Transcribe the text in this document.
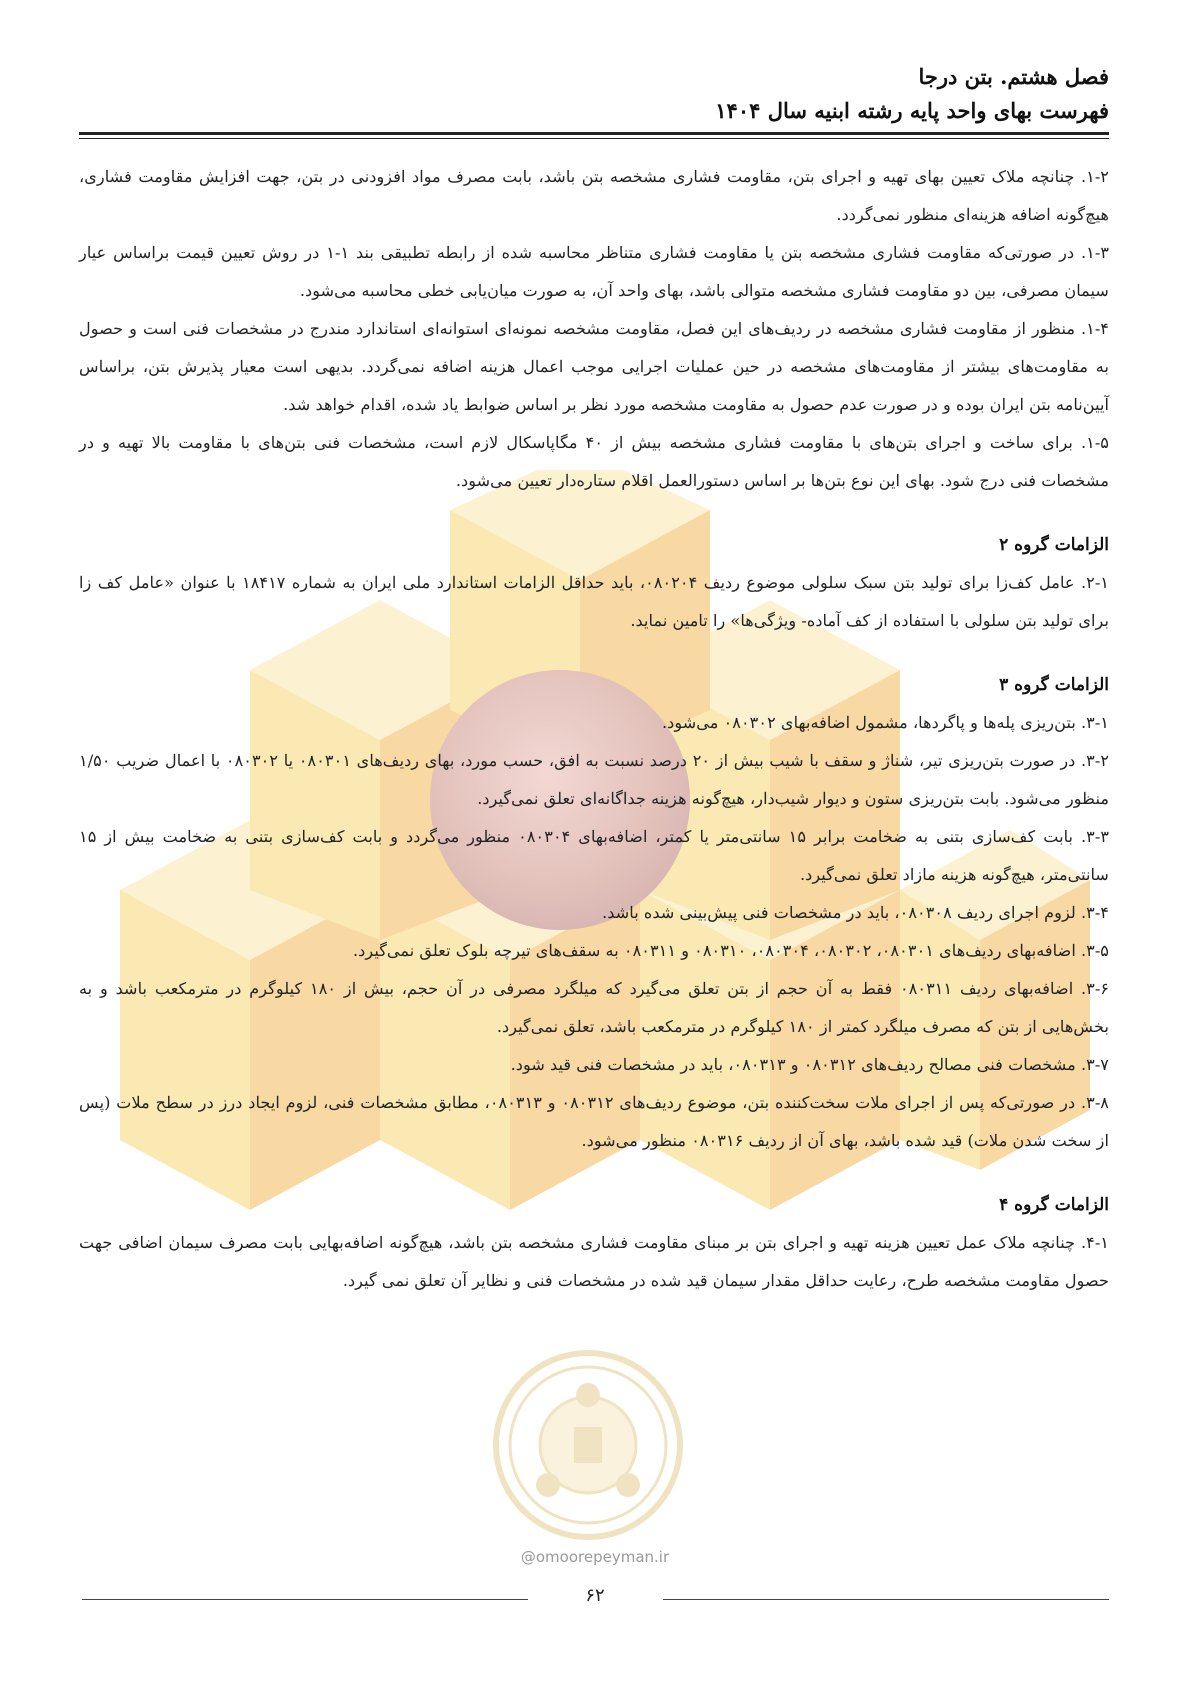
@omoorepeyman.ir
فصل هشتم. بتن درجا
فهرست بهای واحد پایه رشته ابنیه سال ۱۴۰۴

۱-۲. چنانچه ملاک تعیین بهای تهیه و اجرای بتن، مقاومت فشاری مشخصه بتن باشد، بابت مصرف مواد افزودنی در بتن، جهت افزایش مقاومت فشاری، هیچ‌گونه اضافه هزینه‌ای منظور نمی‌گردد.

۱-۳. در صورتی‌که مقاومت فشاری مشخصه بتن یا مقاومت فشاری متناظر محاسبه شده از رابطه تطبیقی بند ۱-۱ در روش تعیین قیمت براساس عیار سیمان مصرفی، بین دو مقاومت فشاری مشخصه متوالی باشد، بهای واحد آن، به صورت میان‌یابی خطی محاسبه می‌شود.

۱-۴. منظور از مقاومت فشاری مشخصه در ردیف‌های این فصل، مقاومت مشخصه نمونه‌ای استوانه‌ای استاندارد مندرج در مشخصات فنی است و حصول به مقاومت‌های بیشتر از مقاومت‌های مشخصه در حین عملیات اجرایی موجب اعمال هزینه اضافه نمی‌گردد. بدیهی است معیار پذیرش بتن، براساس آیین‌نامه بتن ایران بوده و در صورت عدم حصول به مقاومت مشخصه مورد نظر بر اساس ضوابط یاد شده، اقدام خواهد شد.

۱-۵. برای ساخت و اجرای بتن‌های با مقاومت فشاری مشخصه بیش از ۴۰ مگاپاسکال لازم است، مشخصات فنی بتن‌های با مقاومت بالا تهیه و در مشخصات فنی درج شود. بهای این نوع بتن‌ها بر اساس دستورالعمل اقلام ستاره‌دار تعیین می‌شود.

الزامات گروه ۲

۲-۱. عامل کف‌زا برای تولید بتن سبک سلولی موضوع ردیف ۰۸۰۲۰۴، باید حداقل الزامات استاندارد ملی ایران به شماره ۱۸۴۱۷ با عنوان «عامل کف زا برای تولید بتن سلولی با استفاده از کف آماده- ویژگی‌ها» را تامین نماید.

الزامات گروه ۳

۳-۱. بتن‌ریزی پله‌ها و پاگردها، مشمول اضافه‌بهای ۰۸۰۳۰۲ می‌شود.

۳-۲. در صورت بتن‌ریزی تیر، شناژ و سقف با شیب بیش از ۲۰ درصد نسبت به افق، حسب مورد، بهای ردیف‌های ۰۸۰۳۰۱ یا ۰۸۰۳۰۲ با اعمال ضریب ۱/۵۰ منظور می‌شود. بابت بتن‌ریزی ستون و دیوار شیب‌دار، هیچ‌گونه هزینه جداگانه‌ای تعلق نمی‌گیرد.

۳-۳. بابت کف‌سازی بتنی به ضخامت برابر ۱۵ سانتی‌متر یا کمتر، اضافه‌بهای ۰۸۰۳۰۴ منظور می‌گردد و بابت کف‌سازی بتنی به ضخامت بیش از ۱۵ سانتی‌متر، هیچ‌گونه هزینه مازاد تعلق نمی‌گیرد.

۳-۴. لزوم اجرای ردیف ۰۸۰۳۰۸، باید در مشخصات فنی پیش‌بینی شده باشد.

۳-۵. اضافه‌بهای ردیف‌های ۰۸۰۳۰۱، ۰۸۰۳۰۲، ۰۸۰۳۰۴، ۰۸۰۳۱۰ و ۰۸۰۳۱۱ به سقف‌های تیرچه بلوک تعلق نمی‌گیرد.

۳-۶. اضافه‌بهای ردیف ۰۸۰۳۱۱ فقط به آن حجم از بتن تعلق می‌گیرد که میلگرد مصرفی در آن حجم، بیش از ۱۸۰ کیلوگرم در مترمکعب باشد و به بخش‌هایی از بتن که مصرف میلگرد کمتر از ۱۸۰ کیلوگرم در مترمکعب باشد، تعلق نمی‌گیرد.

۳-۷. مشخصات فنی مصالح ردیف‌های ۰۸۰۳۱۲ و ۰۸۰۳۱۳، باید در مشخصات فنی قید شود.

۳-۸. در صورتی‌که پس از اجرای ملات سخت‌کننده بتن، موضوع ردیف‌های ۰۸۰۳۱۲ و ۰۸۰۳۱۳، مطابق مشخصات فنی، لزوم ایجاد درز در سطح ملات (پس از سخت شدن ملات) قید شده باشد، بهای آن از ردیف ۰۸۰۳۱۶ منظور می‌شود.

الزامات گروه ۴

۴-۱. چنانچه ملاک عمل تعیین هزینه تهیه و اجرای بتن بر مبنای مقاومت فشاری مشخصه بتن باشد، هیچ‌گونه اضافه‌بهایی بابت مصرف سیمان اضافی جهت حصول مقاومت مشخصه طرح، رعایت حداقل مقدار سیمان قید شده در مشخصات فنی و نظایر آن تعلق نمی گیرد.

۶۲
